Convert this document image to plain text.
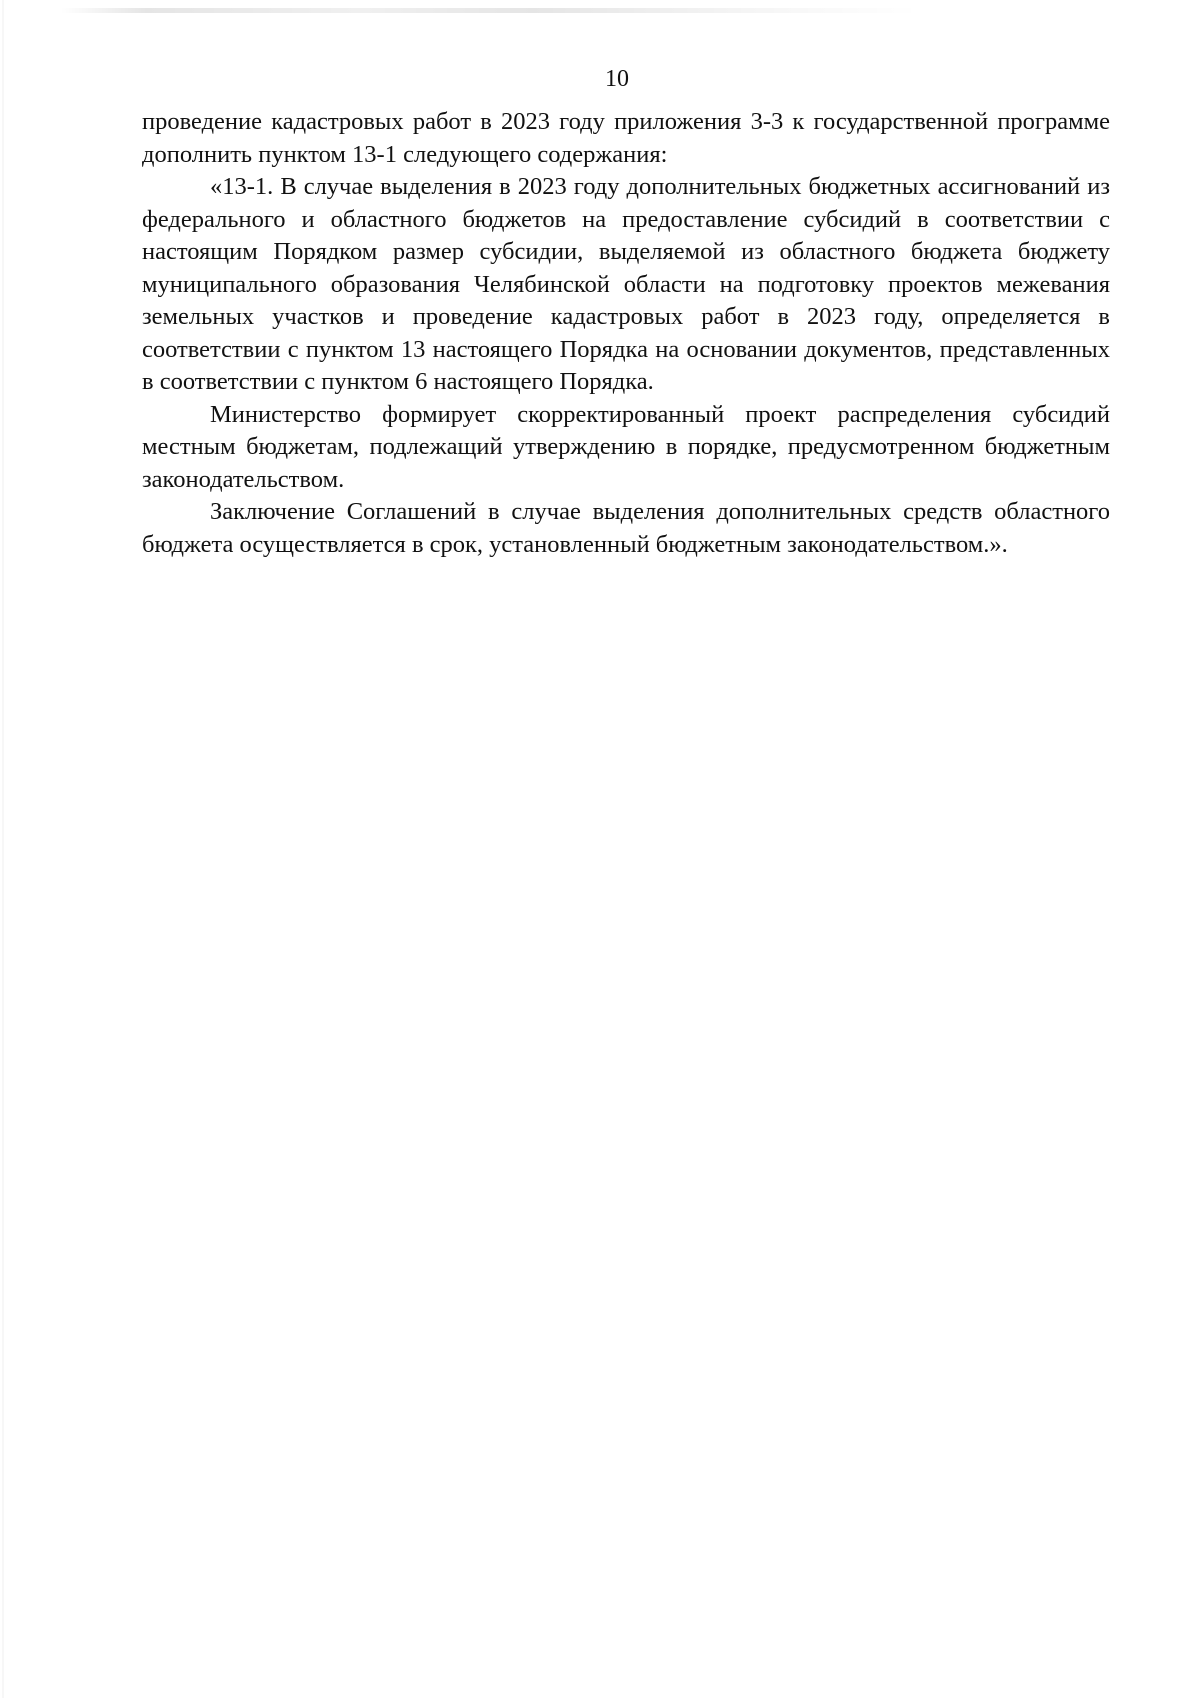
10

проведение кадастровых работ в 2023 году приложения 3-3 к государственной программе дополнить пунктом 13-1 следующего содержания:

«13-1. В случае выделения в 2023 году дополнительных бюджетных ассигнований из федерального и областного бюджетов на предоставление субсидий в соответствии с настоящим Порядком размер субсидии, выделяемой из областного бюджета бюджету муниципального образования Челябинской области на подготовку проектов межевания земельных участков и проведение кадастровых работ в 2023 году, определяется в соответствии с пунктом 13 настоящего Порядка на основании документов, представленных в соответствии с пунктом 6 настоящего Порядка.

Министерство формирует скорректированный проект распределения субсидий местным бюджетам, подлежащий утверждению в порядке, предусмотренном бюджетным законодательством.

Заключение Соглашений в случае выделения дополнительных средств областного бюджета осуществляется в срок, установленный бюджетным законодательством.».
